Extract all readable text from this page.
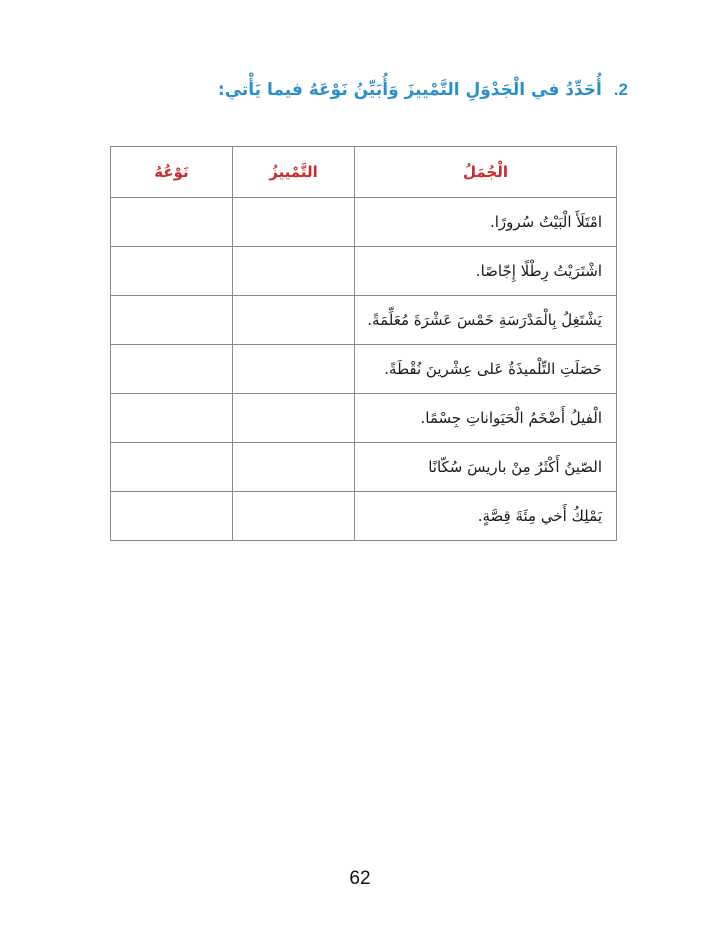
2. أُحَدِّدُ في الْجَدْوَلِ التَّمْييزَ وَأُبَيِّنُ نَوْعَهُ فيما يَأْتي:
الْجُمَلُ	التَّمْييزُ	نَوْعُهُ
امْتَلَأَ الْبَيْتُ سُرورًا.		
اشْتَرَيْتُ رِطْلًا إِجّاصًا.		
يَشْتَغِلُ بِالْمَدْرَسَةِ خَمْسَ عَشْرَةَ مُعَلِّمَةً.		
حَصَلَتِ التِّلْميذَةُ عَلى عِشْرينَ نُقْطَةً.		
الْفيلُ أَضْخَمُ الْحَيَواناتِ جِسْمًا.		
الصّينُ أَكْثَرُ مِنْ باريسَ سُكّانًا		
يَمْلِكُ أَخي مِئَةَ قِصَّةٍ.		
62
